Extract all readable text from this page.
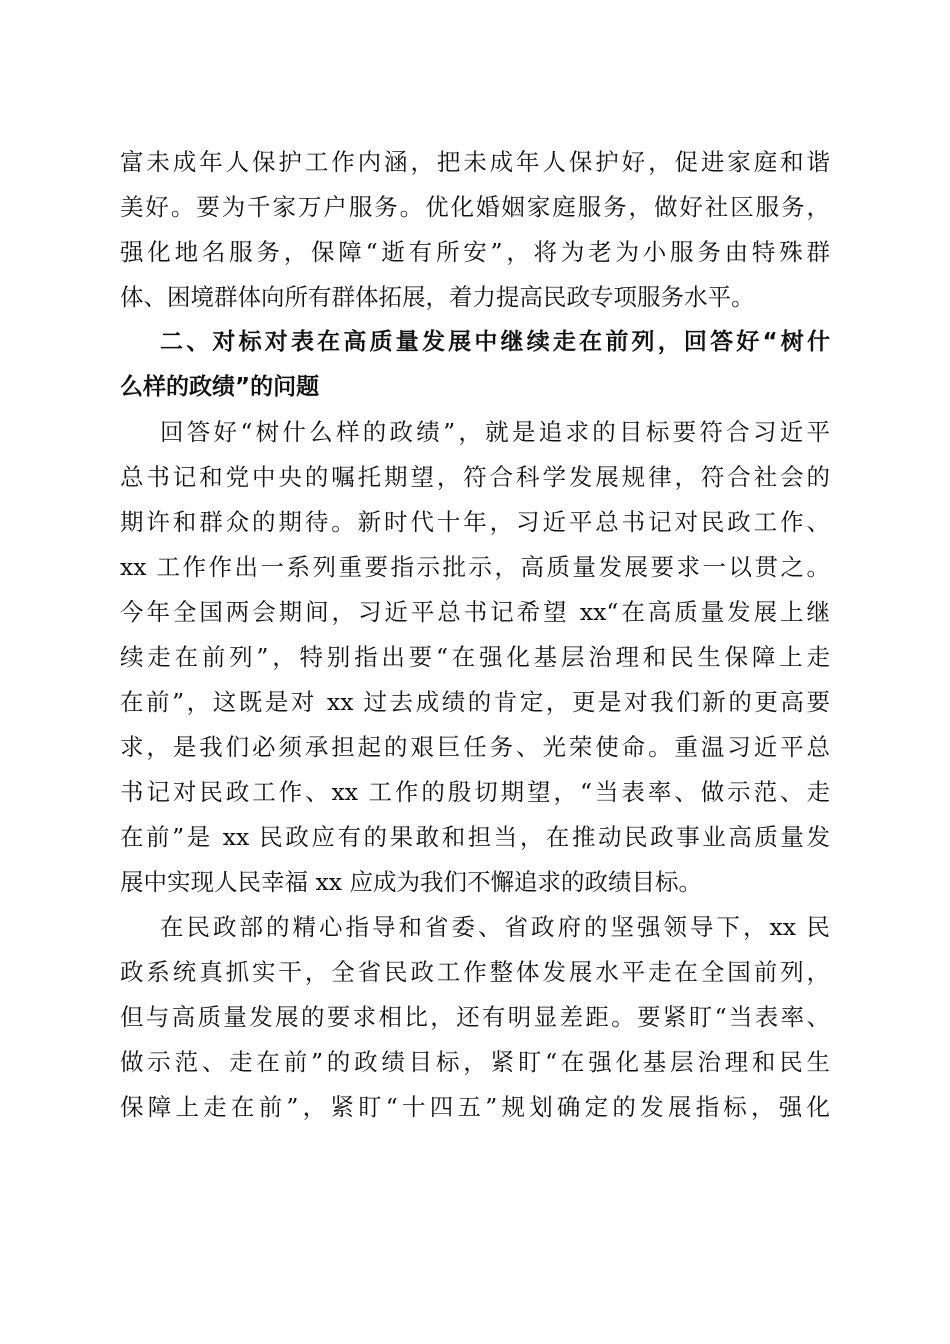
富未成年人保护工作内涵，把未成年人保护好，促进家庭和谐
美好。要为千家万户服务。优化婚姻家庭服务，做好社区服务，
强化地名服务，保障“逝有所安”，将为老为小服务由特殊群
体、困境群体向所有群体拓展，着力提高民政专项服务水平。
二、对标对表在高质量发展中继续走在前列，回答好“树什
么样的政绩”的问题
回答好“树什么样的政绩”，就是追求的目标要符合习近平
总书记和党中央的嘱托期望，符合科学发展规律，符合社会的
期许和群众的期待。新时代十年，习近平总书记对民政工作、
xx 工作作出一系列重要指示批示，高质量发展要求一以贯之。
今年全国两会期间，习近平总书记希望 xx“在高质量发展上继
续走在前列”，特别指出要“在强化基层治理和民生保障上走
在前”，这既是对 xx 过去成绩的肯定，更是对我们新的更高要
求，是我们必须承担起的艰巨任务、光荣使命。重温习近平总
书记对民政工作、xx 工作的殷切期望，“当表率、做示范、走
在前”是 xx 民政应有的果敢和担当，在推动民政事业高质量发
展中实现人民幸福 xx 应成为我们不懈追求的政绩目标。
在民政部的精心指导和省委、省政府的坚强领导下，xx 民
政系统真抓实干，全省民政工作整体发展水平走在全国前列，
但与高质量发展的要求相比，还有明显差距。要紧盯“当表率、
做示范、走在前”的政绩目标，紧盯“在强化基层治理和民生
保障上走在前”，紧盯“十四五”规划确定的发展指标，强化
